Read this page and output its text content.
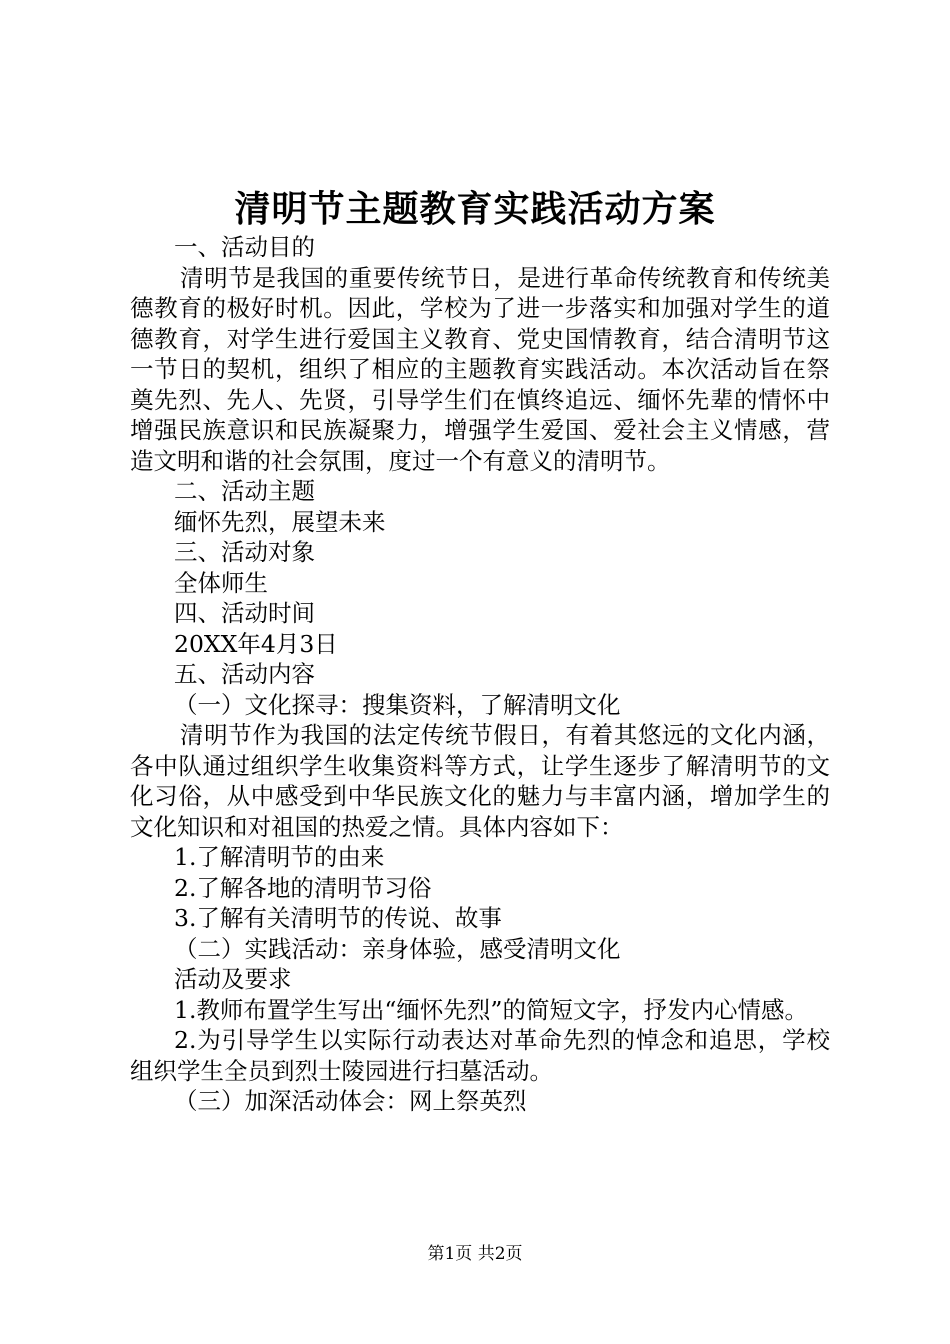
清明节主题教育实践活动方案

一、活动目的

清明节是我国的重要传统节日，是进行革命传统教育和传统美德教育的极好时机。因此，学校为了进一步落实和加强对学生的道德教育，对学生进行爱国主义教育、党史国情教育，结合清明节这一节日的契机，组织了相应的主题教育实践活动。本次活动旨在祭奠先烈、先人、先贤，引导学生们在慎终追远、缅怀先辈的情怀中增强民族意识和民族凝聚力，增强学生爱国、爱社会主义情感，营造文明和谐的社会氛围，度过一个有意义的清明节。

二、活动主题

缅怀先烈，展望未来

三、活动对象

全体师生

四、活动时间

20XX年4月3日

五、活动内容

（一）文化探寻：搜集资料，了解清明文化

清明节作为我国的法定传统节假日，有着其悠远的文化内涵，各中队通过组织学生收集资料等方式，让学生逐步了解清明节的文化习俗，从中感受到中华民族文化的魅力与丰富内涵，增加学生的文化知识和对祖国的热爱之情。具体内容如下：

1.了解清明节的由来

2.了解各地的清明节习俗

3.了解有关清明节的传说、故事

（二）实践活动：亲身体验，感受清明文化

活动及要求

1.教师布置学生写出“缅怀先烈”的简短文字，抒发内心情感。

2.为引导学生以实际行动表达对革命先烈的悼念和追思，学校组织学生全员到烈士陵园进行扫墓活动。

（三）加深活动体会：网上祭英烈

第1页 共2页
